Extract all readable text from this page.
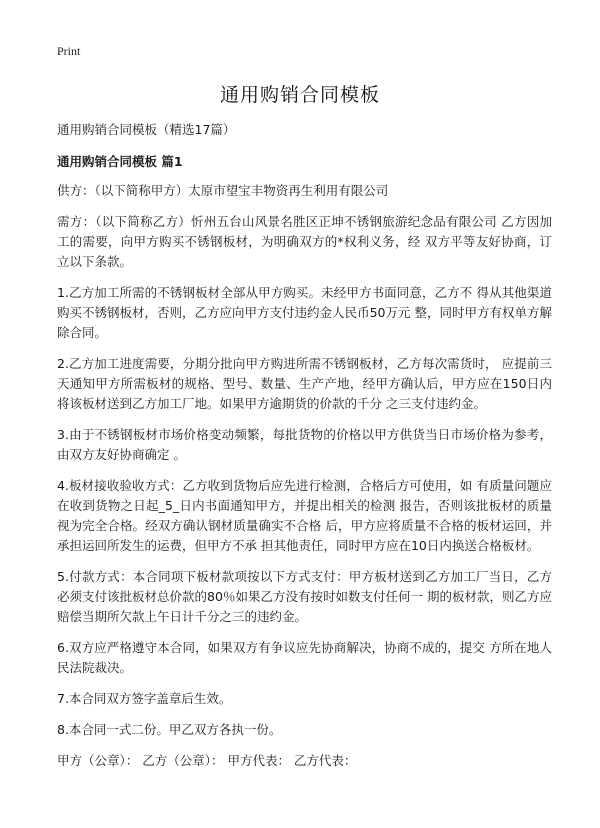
Print
通用购销合同模板

通用购销合同模板（精选17篇）

通用购销合同模板 篇1

供方：（以下简称甲方）太原市望宝丰物资再生利用有限公司

需方：（以下简称乙方）忻州五台山风景名胜区正坤不锈钢旅游纪念品有限公司 乙方因加工的需要，向甲方购买不锈钢板材，为明确双方的*权利义务，经 双方平等友好协商，订立以下条款。

1.乙方加工所需的不锈钢板材全部从甲方购买。未经甲方书面同意，乙方不 得从其他渠道购买不锈钢板材，否则，乙方应向甲方支付违约金人民币50万元 整，同时甲方有权单方解除合同。

2.乙方加工进度需要，分期分批向甲方购进所需不锈钢板材，乙方每次需货时， 应提前三天通知甲方所需板材的规格、型号、数量、生产产地，经甲方确认后，甲方应在150日内将该板材送到乙方加工厂地。如果甲方逾期货的价款的千分 之三支付违约金。

3.由于不锈钢板材市场价格变动频繁，每批货物的价格以甲方供货当日市场价格为参考，由双方友好协商确定 。

4.板材接收验收方式：乙方收到货物后应先进行检测，合格后方可使用，如 有质量问题应在收到货物之日起_5_日内书面通知甲方，并提出相关的检测 报告，否则该批板材的质量视为完全合格。经双方确认钢材质量确实不合格 后，甲方应将质量不合格的板材运回，并承担运回所发生的运费，但甲方不承 担其他责任，同时甲方应在10日内换送合格板材。

5.付款方式：本合同项下板材款项按以下方式支付：甲方板材送到乙方加工厂当日，乙方必须支付该批板材总价款的80％如果乙方没有按时如数支付任何一 期的板材款，则乙方应赔偿当期所欠款上午日计千分之三的违约金。

6.双方应严格遵守本合同，如果双方有争议应先协商解决，协商不成的，提交 方所在地人民法院裁决。

7.本合同双方签字盖章后生效。

8.本合同一式二份。甲乙双方各执一份。

甲方（公章）： 乙方（公章）： 甲方代表： 乙方代表：
